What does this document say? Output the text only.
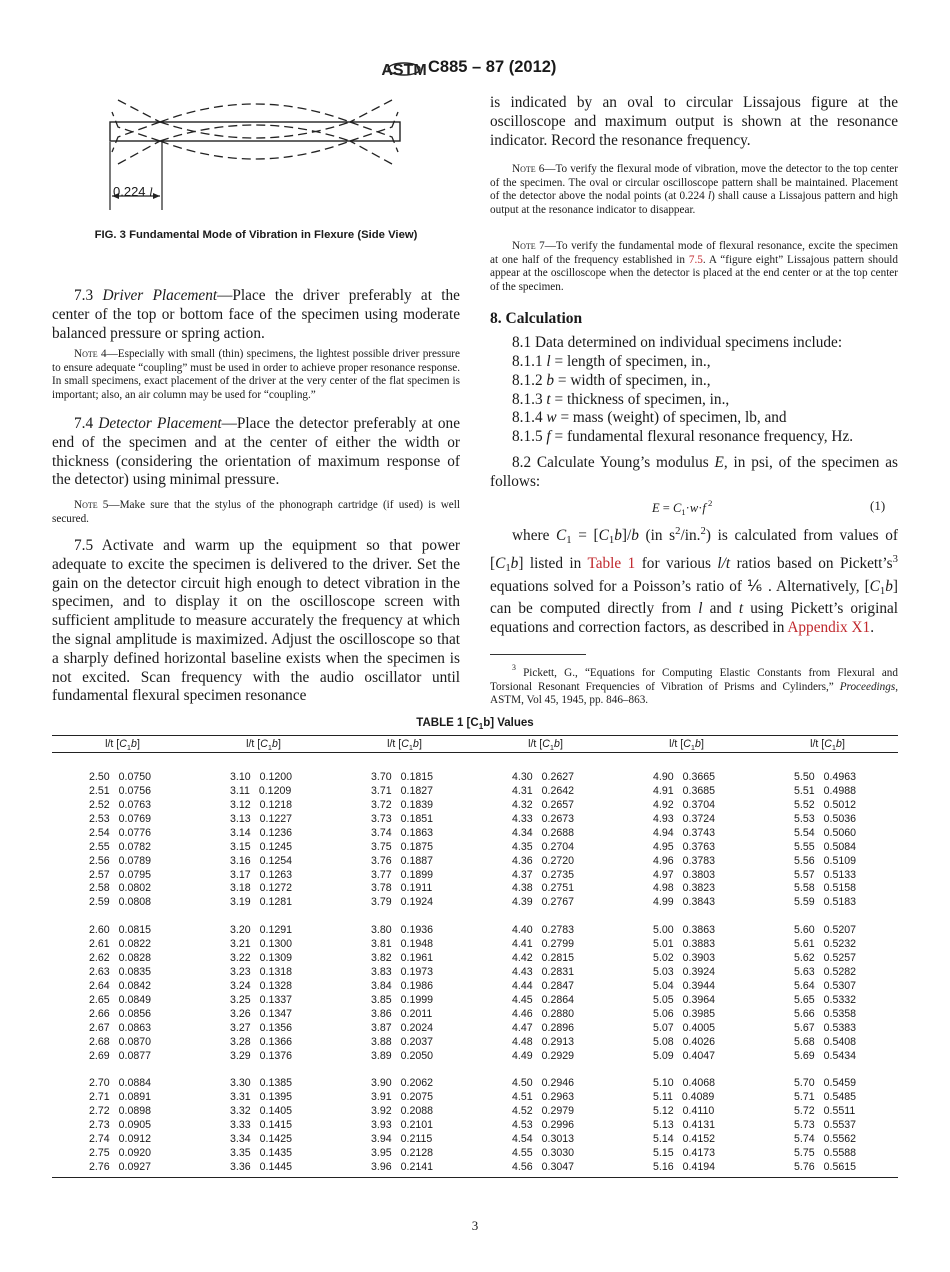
ASTM C885 – 87 (2012)
0.224 l
FIG. 3 Fundamental Mode of Vibration in Flexure (Side View)
7.3 Driver Placement—Place the driver preferably at the center of the top or bottom face of the specimen using moderate balanced pressure or spring action.
Note 4—Especially with small (thin) specimens, the lightest possible driver pressure to ensure adequate “coupling” must be used in order to achieve proper resonance response. In small specimens, exact placement of the driver at the very center of the flat specimen is important; also, an air column may be used for “coupling.”
7.4 Detector Placement—Place the detector preferably at one end of the specimen and at the center of either the width or thickness (considering the orientation of maximum response of the detector) using minimal pressure.
Note 5—Make sure that the stylus of the phonograph cartridge (if used) is well secured.
7.5 Activate and warm up the equipment so that power adequate to excite the specimen is delivered to the driver. Set the gain on the detector circuit high enough to detect vibration in the specimen, and to display it on the oscilloscope screen with sufficient amplitude to measure accurately the frequency at which the signal amplitude is maximized. Adjust the oscilloscope so that a sharply defined horizontal baseline exists when the specimen is not excited. Scan frequency with the audio oscillator until fundamental flexural specimen resonance
is indicated by an oval to circular Lissajous figure at the oscilloscope and maximum output is shown at the resonance indicator. Record the resonance frequency.
Note 6—To verify the flexural mode of vibration, move the detector to the top center of the specimen. The oval or circular oscilloscope pattern shall be maintained. Placement of the detector above the nodal points (at 0.224 l) shall cause a Lissajous pattern and high output at the resonance indicator to disappear.
Note 7—To verify the fundamental mode of flexural resonance, excite the specimen at one half of the frequency established in 7.5. A “figure eight” Lissajous pattern should appear at the oscilloscope when the detector is placed at the end center or at the top center of the specimen.
8. Calculation
8.1 Data determined on individual specimens include:
8.1.1 l = length of specimen, in.,
8.1.2 b = width of specimen, in.,
8.1.3 t = thickness of specimen, in.,
8.1.4 w = mass (weight) of specimen, lb, and
8.1.5 f = fundamental flexural resonance frequency, Hz.
8.2 Calculate Young’s modulus E, in psi, of the specimen as follows:
$E = C_1\cdot w\cdot f$ $^2$	(1)
where $C_1 = [C_1b]/b$ (in $s^2/in.^2$) is calculated from values of $[C_1b]$ listed in Table 1 for various l/t ratios based on $Pickett’s^3$ equations solved for a Poisson’s ratio of ⅙ . Alternatively, $[C_1b]$ can be computed directly from l and t using Pickett’s original equations and correction factors, as described in Appendix X1.
$^3$ Pickett, G., “Equations for Computing Elastic Constants from Flexural and Torsional Resonant Frequencies of Vibration of Prisms and Cylinders,” Proceedings, ASTM, Vol 45, 1945, pp. 846–863.
TABLE 1 $[C_1b]$ Values
l/t $[C_1b]$
2.50 0.0750
2.51 0.0756
2.52 0.0763
2.53 0.0769
2.54 0.0776
2.55 0.0782
2.56 0.0789
2.57 0.0795
2.58 0.0802
2.59 0.0808
2.60 0.0815
2.61 0.0822
2.62 0.0828
2.63 0.0835
2.64 0.0842
2.65 0.0849
2.66 0.0856
2.67 0.0863
2.68 0.0870
2.69 0.0877
2.70 0.0884
2.71 0.0891
2.72 0.0898
2.73 0.0905
2.74 0.0912
2.75 0.0920
2.76 0.0927
l/t $[C_1b]$
3.10 0.1200
3.11 0.1209
3.12 0.1218
3.13 0.1227
3.14 0.1236
3.15 0.1245
3.16 0.1254
3.17 0.1263
3.18 0.1272
3.19 0.1281
3.20 0.1291
3.21 0.1300
3.22 0.1309
3.23 0.1318
3.24 0.1328
3.25 0.1337
3.26 0.1347
3.27 0.1356
3.28 0.1366
3.29 0.1376
3.30 0.1385
3.31 0.1395
3.32 0.1405
3.33 0.1415
3.34 0.1425
3.35 0.1435
3.36 0.1445
l/t $[C_1b]$
3.70 0.1815
3.71 0.1827
3.72 0.1839
3.73 0.1851
3.74 0.1863
3.75 0.1875
3.76 0.1887
3.77 0.1899
3.78 0.1911
3.79 0.1924
3.80 0.1936
3.81 0.1948
3.82 0.1961
3.83 0.1973
3.84 0.1986
3.85 0.1999
3.86 0.2011
3.87 0.2024
3.88 0.2037
3.89 0.2050
3.90 0.2062
3.91 0.2075
3.92 0.2088
3.93 0.2101
3.94 0.2115
3.95 0.2128
3.96 0.2141
l/t $[C_1b]$
4.30 0.2627
4.31 0.2642
4.32 0.2657
4.33 0.2673
4.34 0.2688
4.35 0.2704
4.36 0.2720
4.37 0.2735
4.38 0.2751
4.39 0.2767
4.40 0.2783
4.41 0.2799
4.42 0.2815
4.43 0.2831
4.44 0.2847
4.45 0.2864
4.46 0.2880
4.47 0.2896
4.48 0.2913
4.49 0.2929
4.50 0.2946
4.51 0.2963
4.52 0.2979
4.53 0.2996
4.54 0.3013
4.55 0.3030
4.56 0.3047
l/t $[C_1b]$
4.90 0.3665
4.91 0.3685
4.92 0.3704
4.93 0.3724
4.94 0.3743
4.95 0.3763
4.96 0.3783
4.97 0.3803
4.98 0.3823
4.99 0.3843
5.00 0.3863
5.01 0.3883
5.02 0.3903
5.03 0.3924
5.04 0.3944
5.05 0.3964
5.06 0.3985
5.07 0.4005
5.08 0.4026
5.09 0.4047
5.10 0.4068
5.11 0.4089
5.12 0.4110
5.13 0.4131
5.14 0.4152
5.15 0.4173
5.16 0.4194
l/t $[C_1b]$
5.50 0.4963
5.51 0.4988
5.52 0.5012
5.53 0.5036
5.54 0.5060
5.55 0.5084
5.56 0.5109
5.57 0.5133
5.58 0.5158
5.59 0.5183
5.60 0.5207
5.61 0.5232
5.62 0.5257
5.63 0.5282
5.64 0.5307
5.65 0.5332
5.66 0.5358
5.67 0.5383
5.68 0.5408
5.69 0.5434
5.70 0.5459
5.71 0.5485
5.72 0.5511
5.73 0.5537
5.74 0.5562
5.75 0.5588
5.76 0.5615
3
